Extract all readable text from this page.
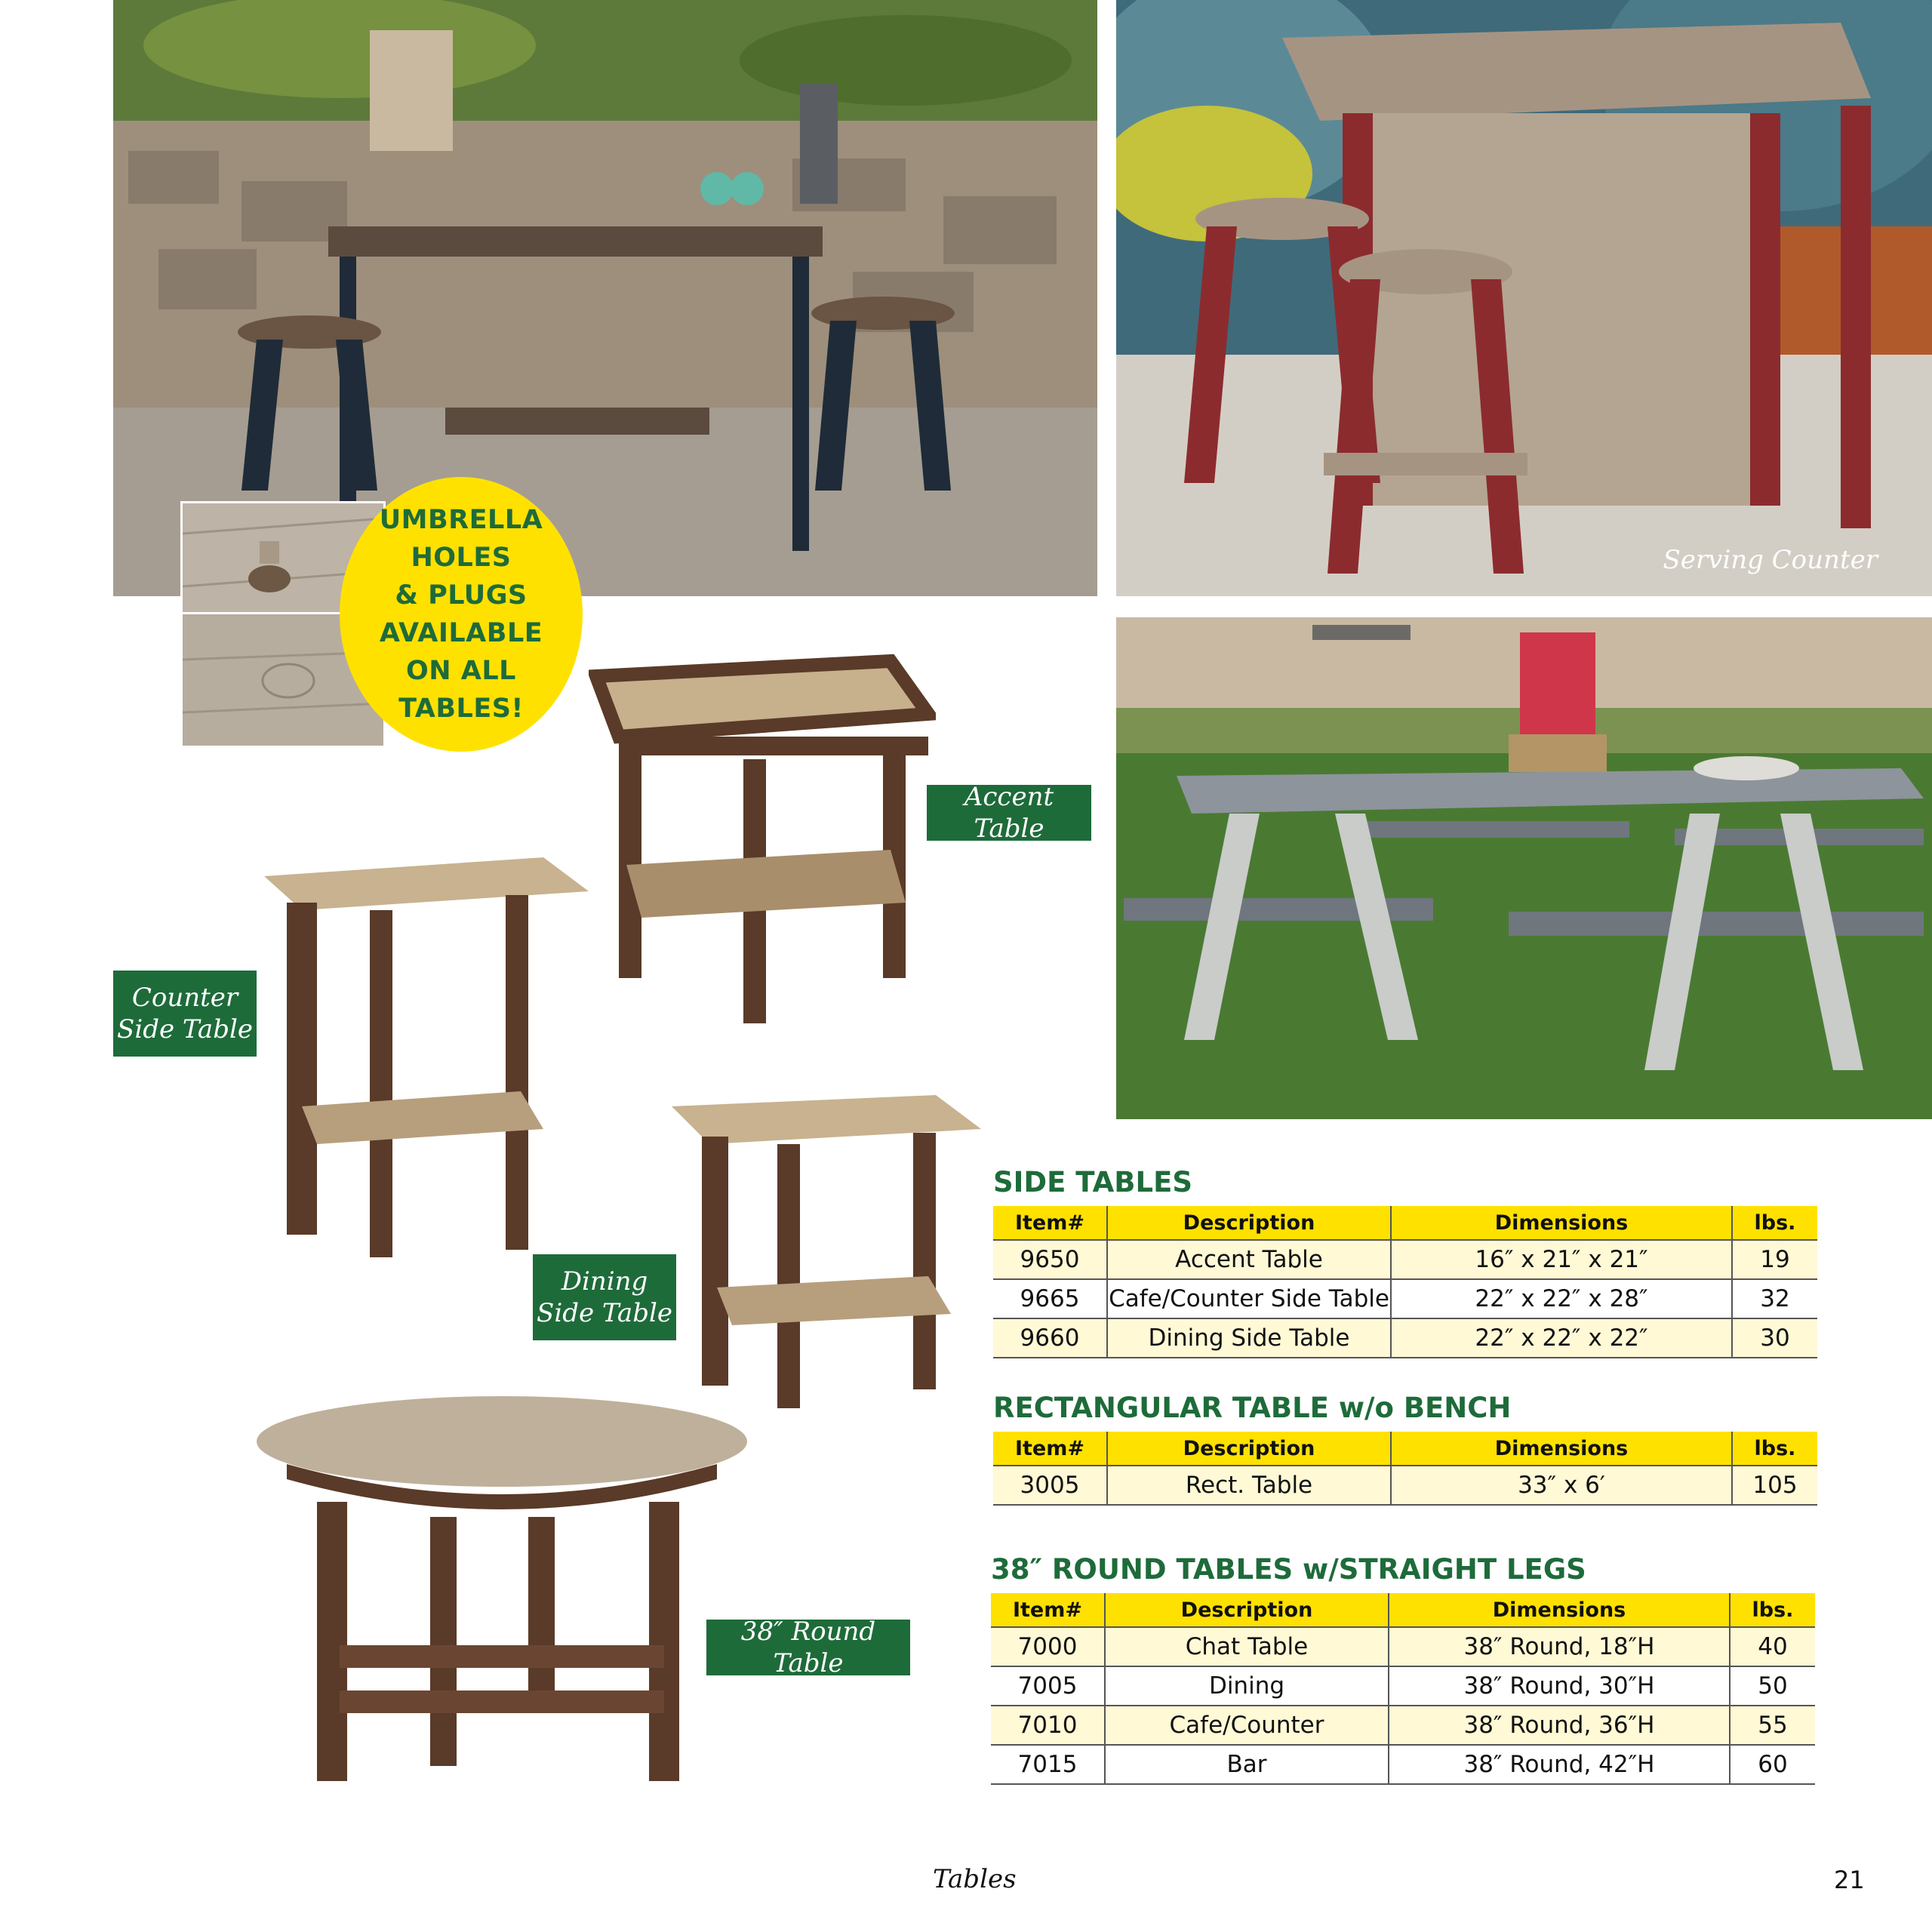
Serving Counter
UMBRELLA
HOLES
& PLUGS
AVAILABLE
ON ALL
TABLES!
Accent Table
Counter
Side Table
Dining
Side Table
38″ Round Table
SIDE TABLES
Item#	Description	Dimensions	lbs.
9650	Accent Table	16″ x 21″ x 21″	19
9665	Cafe/Counter Side Table	22″ x 22″ x 28″	32
9660	Dining Side Table	22″ x 22″ x 22″	30
RECTANGULAR TABLE w/o BENCH
Item#	Description	Dimensions	lbs.
3005	Rect. Table	33″ x 6′	105
38″ ROUND TABLES w/STRAIGHT LEGS
Item#	Description	Dimensions	lbs.
7000	Chat Table	38″ Round, 18″H	40
7005	Dining	38″ Round, 30″H	50
7010	Cafe/Counter	38″ Round, 36″H	55
7015	Bar	38″ Round, 42″H	60
Tables	21
